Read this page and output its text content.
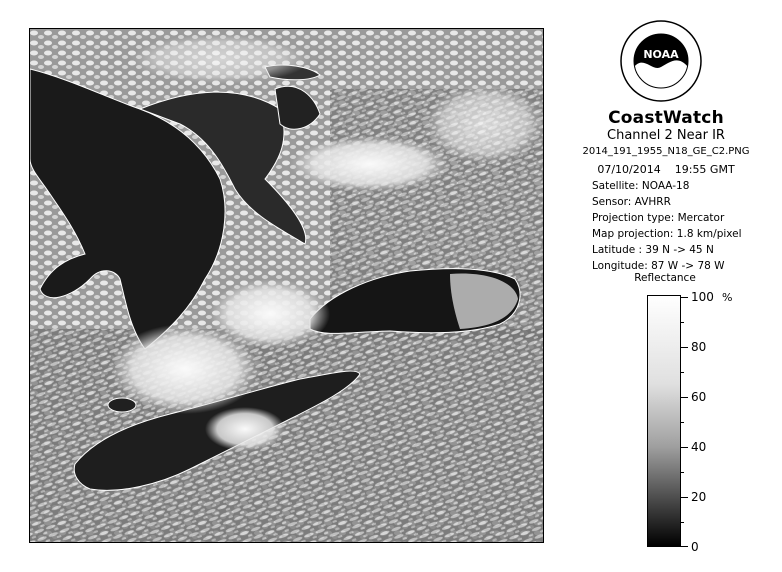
NOAA
CoastWatch
Channel 2 Near IR
2014_191_1955_N18_GE_C2.PNG
07/10/2014 19:55 GMT
Satellite: NOAA-18
Sensor: AVHRR
Projection type: Mercator
Map projection: 1.8 km/pixel
Latitude : 39 N -> 45 N
Longitude: 87 W -> 78 W
Reflectance
%
100
80
60
40
20
0
